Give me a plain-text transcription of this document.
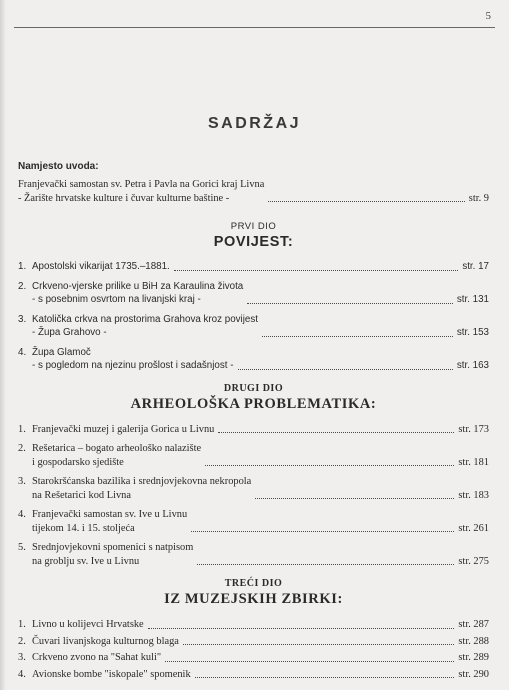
5

SADRŽAJ
Namjesto uvoda:
Franjevački samostan sv. Petra i Pavla na Gorici kraj Livna
- Žarište hrvatske kulture i čuvar kulturne baštine -	str. 9
PRVI DIO
POVIJEST:
1. Apostolski vikarijat 1735.–1881.	str. 17
2. Crkveno-vjerske prilike u BiH za Karaulina života
- s posebnim osvrtom na livanjski kraj -	str. 131
3. Katolička crkva na prostorima Grahova kroz povijest
- Župa Grahovo -	str. 153
4. Župa Glamoč
- s pogledom na njezinu prošlost i sadašnjost -	str. 163
DRUGI DIO
ARHEOLOŠKA PROBLEMATIKA:
1. Franjevački muzej i galerija Gorica u Livnu	str. 173
2. Rešetarica – bogato arheološko nalazište
i gospodarsko sjedište	str. 181
3. Starokršćanska bazilika i srednjovjekovna nekropola
na Rešetarici kod Livna	str. 183
4. Franjevački samostan sv. Ive u Livnu
tijekom 14. i 15. stoljeća	str. 261
5. Srednjovjekovni spomenici s natpisom
na groblju sv. Ive u Livnu	str. 275
TREĆI DIO
IZ MUZEJSKIH ZBIRKI:
1. Livno u kolijevci Hrvatske	str. 287
2. Čuvari livanjskoga kulturnog blaga	str. 288
3. Crkveno zvono na "Sahat kuli"	str. 289
4. Avionske bombe "iskopale" spomenik	str. 290
